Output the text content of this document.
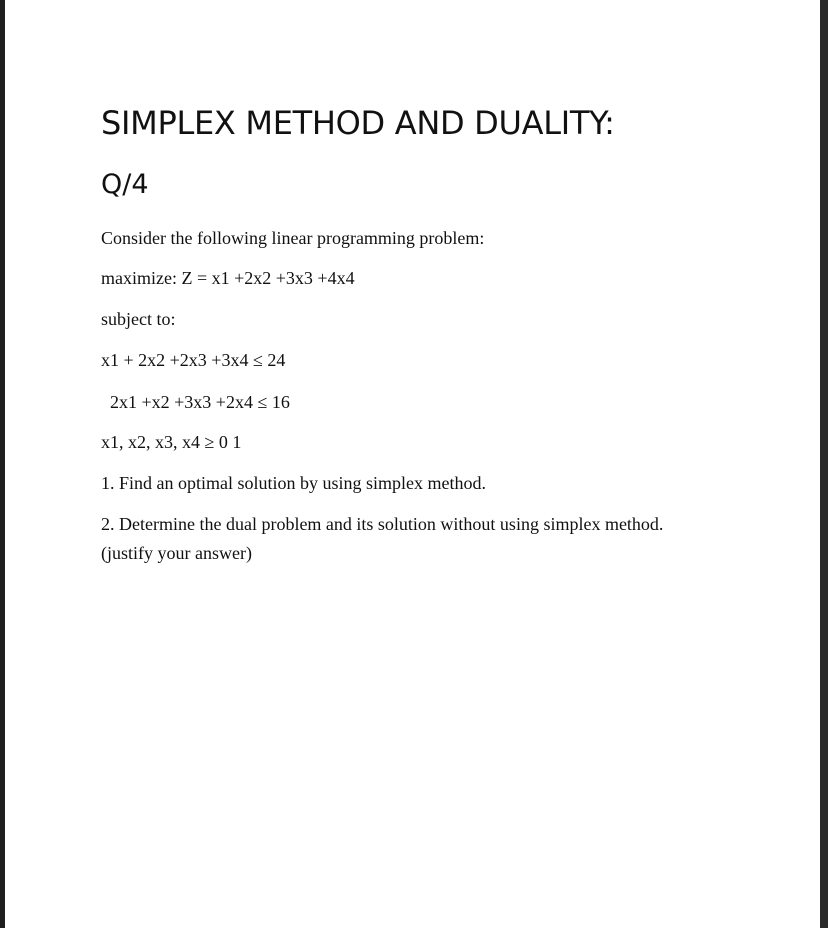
SIMPLEX METHOD AND DUALITY:
Q/4
Consider the following linear programming problem:
maximize: Z = x1 +2x2 +3x3 +4x4
subject to:
x1 + 2x2 +2x3 +3x4 ≤ 24
2x1 +x2 +3x3 +2x4 ≤ 16
x1, x2, x3, x4 ≥ 0 1
1. Find an optimal solution by using simplex method.
2. Determine the dual problem and its solution without using simplex method.
(justify your answer)
